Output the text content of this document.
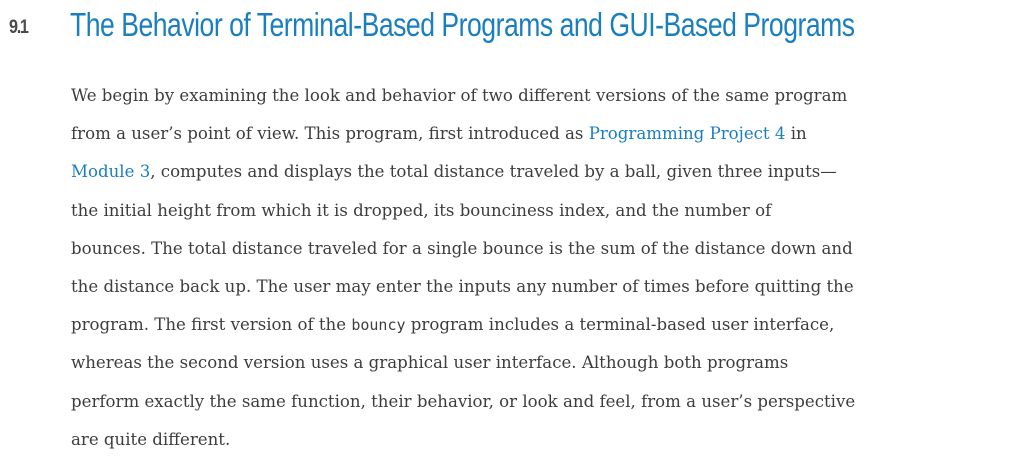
9.1 The Behavior of Terminal-Based Programs and GUI-Based Programs

We begin by examining the look and behavior of two different versions of the same program
from a user’s point of view. This program, first introduced as Programming Project 4 in
Module 3, computes and displays the total distance traveled by a ball, given three inputs—
the initial height from which it is dropped, its bounciness index, and the number of
bounces. The total distance traveled for a single bounce is the sum of the distance down and
the distance back up. The user may enter the inputs any number of times before quitting the
program. The first version of the bouncy program includes a terminal-based user interface,
whereas the second version uses a graphical user interface. Although both programs
perform exactly the same function, their behavior, or look and feel, from a user’s perspective
are quite different.
